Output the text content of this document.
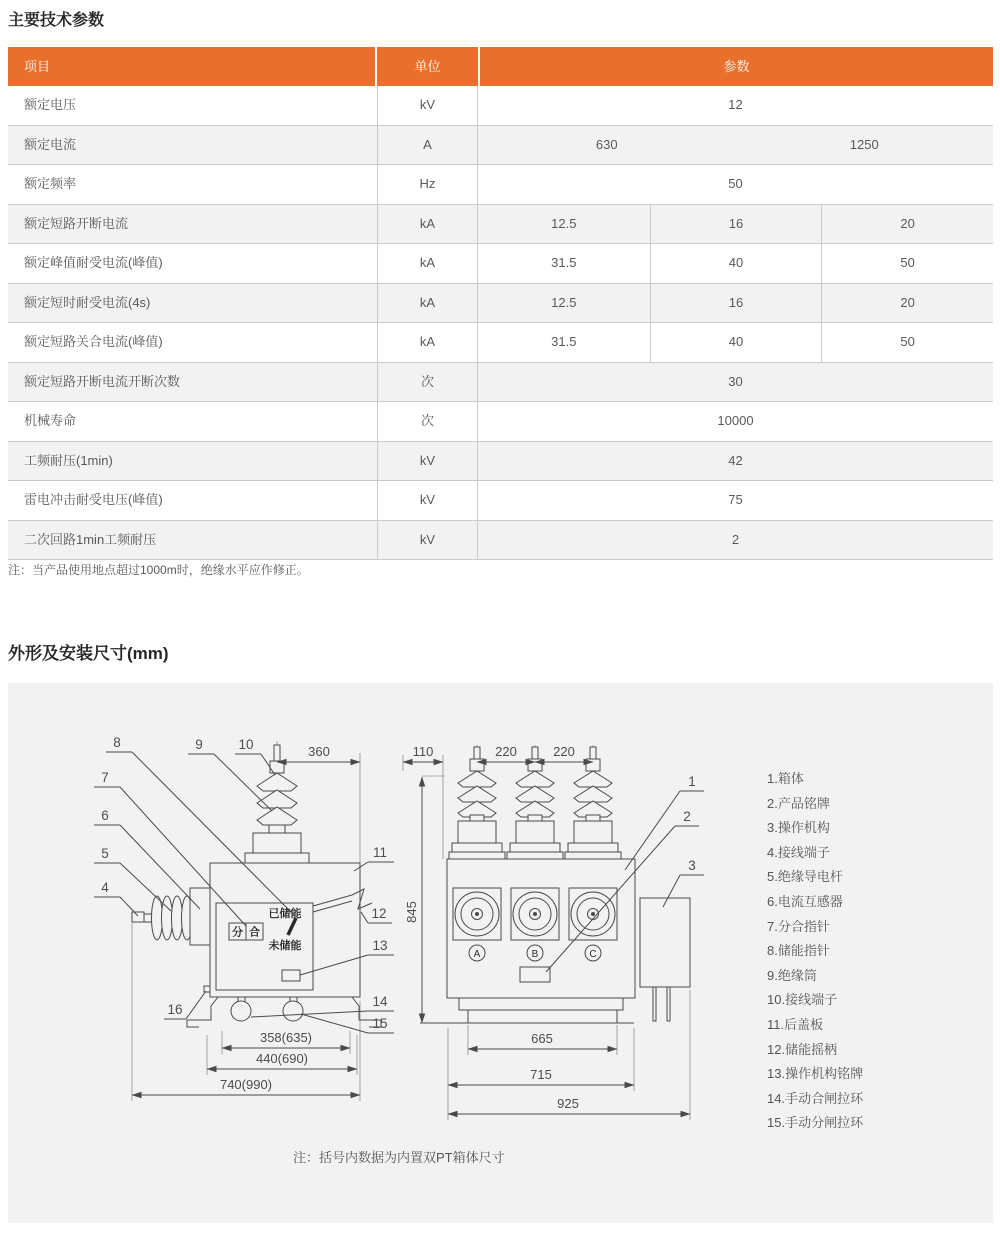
主要技术参数
项目	单位	参数
额定电压	kV	12
额定电流	A	630	1250
额定频率	Hz	50
额定短路开断电流	kA	12.5	16	20
额定峰值耐受电流(峰值)	kA	31.5	40	50
额定短时耐受电流(4s)	kA	12.5	16	20
额定短路关合电流(峰值)	kA	31.5	40	50
额定短路开断电流开断次数	次	30
机械寿命	次	10000
工频耐压(1min)	kV	42
雷电冲击耐受电压(峰值)	kV	75
二次回路1min工频耐压	kV	2
注：当产品使用地点超过1000m时，绝缘水平应作修正。
外形及安装尺寸(mm)
已储能
分 合
未储能
360
358(635)
440(690)
740(990)
4
5
6
7
8	9	10
11
12
13
14
15
16
A	B	C
845
110	220	220
665
715
925
1
2
3
1.箱体
2.产品铭牌
3.操作机构
4.接线端子
5.绝缘导电杆
6.电流互感器
7.分合指针
8.储能指针
9.绝缘筒
10.接线端子
11.后盖板
12.储能摇柄
13.操作机构铭牌
14.手动合闸拉环
15.手动分闸拉环
注：括号内数据为内置双PT箱体尺寸
